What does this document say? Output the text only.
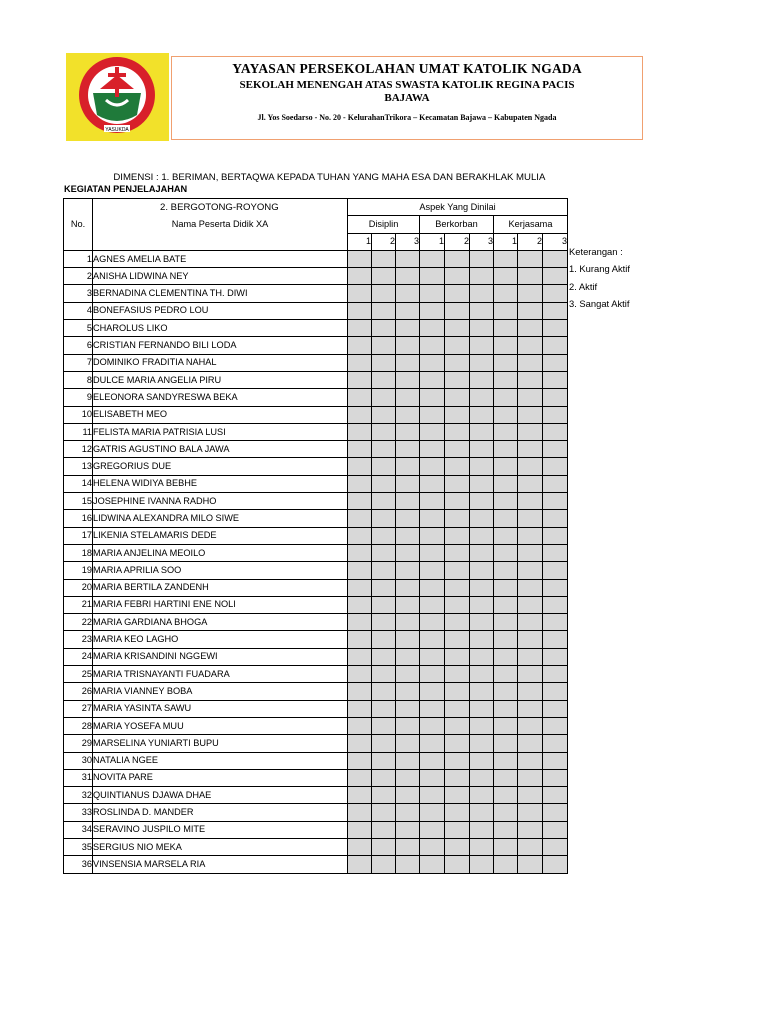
YASUKDA
YAYASAN PERSEKOLAHAN UMAT KATOLIK NGADA
SEKOLAH MENENGAH ATAS SWASTA KATOLIK REGINA PACIS
BAJAWA
Jl. Yos Soedarso - No. 20 - KelurahanTrikora – Kecamatan Bajawa – Kabupaten Ngada

DIMENSI : 1. BERIMAN, BERTAQWA KEPADA TUHAN YANG MAHA ESA DAN BERAKHLAK MULIA

2. BERGOTONG-ROYONG

KEGIATAN PENJELAJAHAN
No.	Nama Peserta Didik XA	Aspek Yang Dinilai								
		Disiplin			Berkorban			Kerjasama		
		1	2	3	1	2	3	1	2	3
1	AGNES AMELIA BATE									
2	ANISHA LIDWINA NEY									
3	BERNADINA CLEMENTINA TH. DIWI									
4	BONEFASIUS PEDRO LOU									
5	CHAROLUS LIKO									
6	CRISTIAN FERNANDO BILI LODA									
7	DOMINIKO FRADITIA NAHAL									
8	DULCE MARIA ANGELIA PIRU									
9	ELEONORA SANDYRESWA BEKA									
10	ELISABETH MEO									
11	FELISTA MARIA PATRISIA LUSI									
12	GATRIS AGUSTINO BALA JAWA									
13	GREGORIUS DUE									
14	HELENA WIDIYA BEBHE									
15	JOSEPHINE IVANNA RADHO									
16	LIDWINA ALEXANDRA MILO SIWE									
17	LIKENIA STELAMARIS DEDE									
18	MARIA ANJELINA MEOILO									
19	MARIA APRILIA SOO									
20	MARIA BERTILA ZANDENH									
21	MARIA FEBRI HARTINI ENE NOLI									
22	MARIA GARDIANA BHOGA									
23	MARIA KEO LAGHO									
24	MARIA KRISANDINI NGGEWI									
25	MARIA TRISNAYANTI FUADARA									
26	MARIA VIANNEY BOBA									
27	MARIA YASINTA SAWU									
28	MARIA YOSEFA MUU									
29	MARSELINA YUNIARTI BUPU									
30	NATALIA NGEE									
31	NOVITA PARE									
32	QUINTIANUS DJAWA DHAE									
33	ROSLINDA D. MANDER									
34	SERAVINO JUSPILO MITE									
35	SERGIUS NIO MEKA									
36	VINSENSIA MARSELA RIA									
Keterangan :
1. Kurang Aktif
2. Aktif
3. Sangat Aktif
